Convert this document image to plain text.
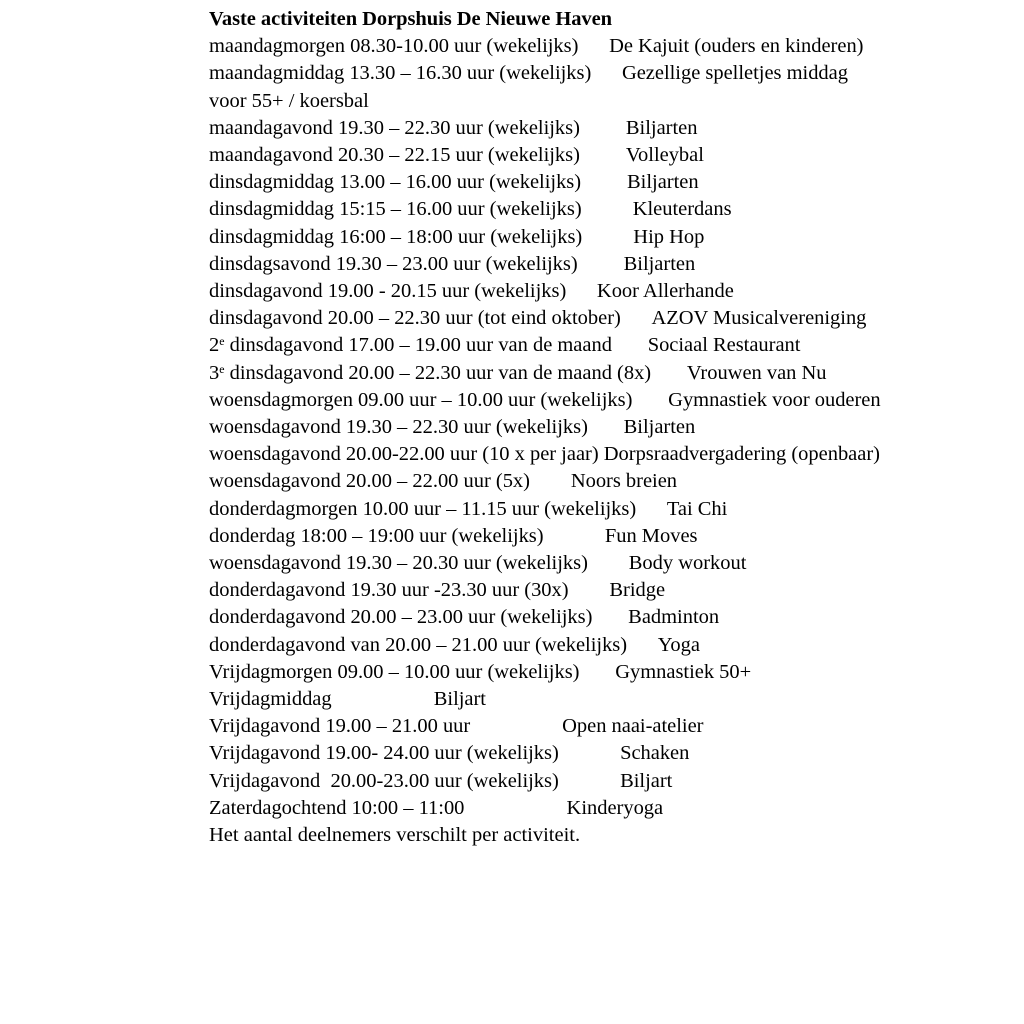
Vaste activiteiten Dorpshuis De Nieuwe Haven
maandagmorgen 08.30-10.00 uur (wekelijks) De Kajuit (ouders en kinderen)
maandagmiddag 13.30 – 16.30 uur (wekelijks) Gezellige spelletjes middag voor 55+ / koersbal
maandagavond 19.30 – 22.30 uur (wekelijks) Biljarten
maandagavond 20.30 – 22.15 uur (wekelijks) Volleybal
dinsdagmiddag 13.00 – 16.00 uur (wekelijks) Biljarten
dinsdagmiddag 15:15 – 16.00 uur (wekelijks) Kleuterdans
dinsdagmiddag 16:00 – 18:00 uur (wekelijks) Hip Hop
dinsdagsavond 19.30 – 23.00 uur (wekelijks) Biljarten
dinsdagavond 19.00 - 20.15 uur (wekelijks) Koor Allerhande
dinsdagavond 20.00 – 22.30 uur (tot eind oktober) AZOV Musicalvereniging
2e dinsdagavond 17.00 – 19.00 uur van de maand Sociaal Restaurant
3e dinsdagavond 20.00 – 22.30 uur van de maand (8x) Vrouwen van Nu
woensdagmorgen 09.00 uur – 10.00 uur (wekelijks) Gymnastiek voor ouderen
woensdagavond 19.30 – 22.30 uur (wekelijks) Biljarten
woensdagavond 20.00-22.00 uur (10 x per jaar) Dorpsraadvergadering (openbaar)
woensdagavond 20.00 – 22.00 uur (5x) Noors breien
donderdagmorgen 10.00 uur – 11.15 uur (wekelijks) Tai Chi
donderdag 18:00 – 19:00 uur (wekelijks)	Fun Moves
woensdagavond 19.30 – 20.30 uur (wekelijks) Body workout
donderdagavond 19.30 uur -23.30 uur (30x) Bridge
donderdagavond 20.00 – 23.00 uur (wekelijks) Badminton
donderdagavond van 20.00 – 21.00 uur (wekelijks) Yoga
Vrijdagmorgen 09.00 – 10.00 uur (wekelijks) Gymnastiek 50+
Vrijdagmiddag	Biljart
Vrijdagavond 19.00 – 21.00 uur	Open naai-atelier
Vrijdagavond 19.00- 24.00 uur (wekelijks)	Schaken
Vrijdagavond  20.00-23.00 uur (wekelijks)	Biljart
Zaterdagochtend 10:00 – 11:00	Kinderyoga
Het aantal deelnemers verschilt per activiteit.
